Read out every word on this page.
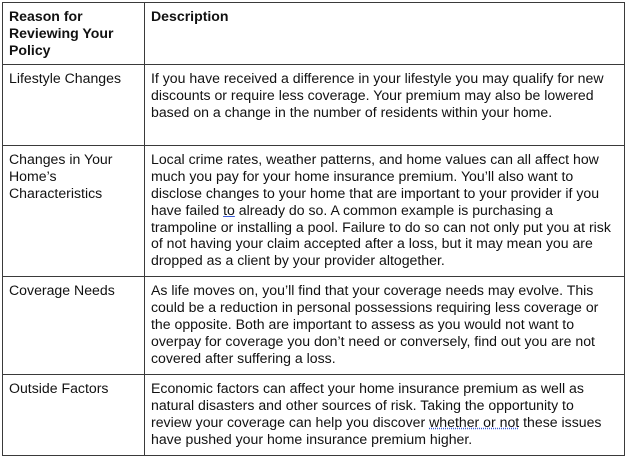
Reason for Reviewing Your Policy	Description
Lifestyle Changes	If you have received a difference in your lifestyle you may qualify for new discounts or require less coverage. Your premium may also be lowered based on a change in the number of residents within your home.
Changes in Your Home’s Characteristics	Local crime rates, weather patterns, and home values can all affect how much you pay for your home insurance premium. You’ll also want to disclose changes to your home that are important to your provider if you have failed to already do so. A common example is purchasing a trampoline or installing a pool. Failure to do so can not only put you at risk of not having your claim accepted after a loss, but it may mean you are dropped as a client by your provider altogether.
Coverage Needs	As life moves on, you’ll find that your coverage needs may evolve. This could be a reduction in personal possessions requiring less coverage or the opposite. Both are important to assess as you would not want to overpay for coverage you don’t need or conversely, find out you are not covered after suffering a loss.
Outside Factors	Economic factors can affect your home insurance premium as well as natural disasters and other sources of risk. Taking the opportunity to review your coverage can help you discover whether or not these issues have pushed your home insurance premium higher.
